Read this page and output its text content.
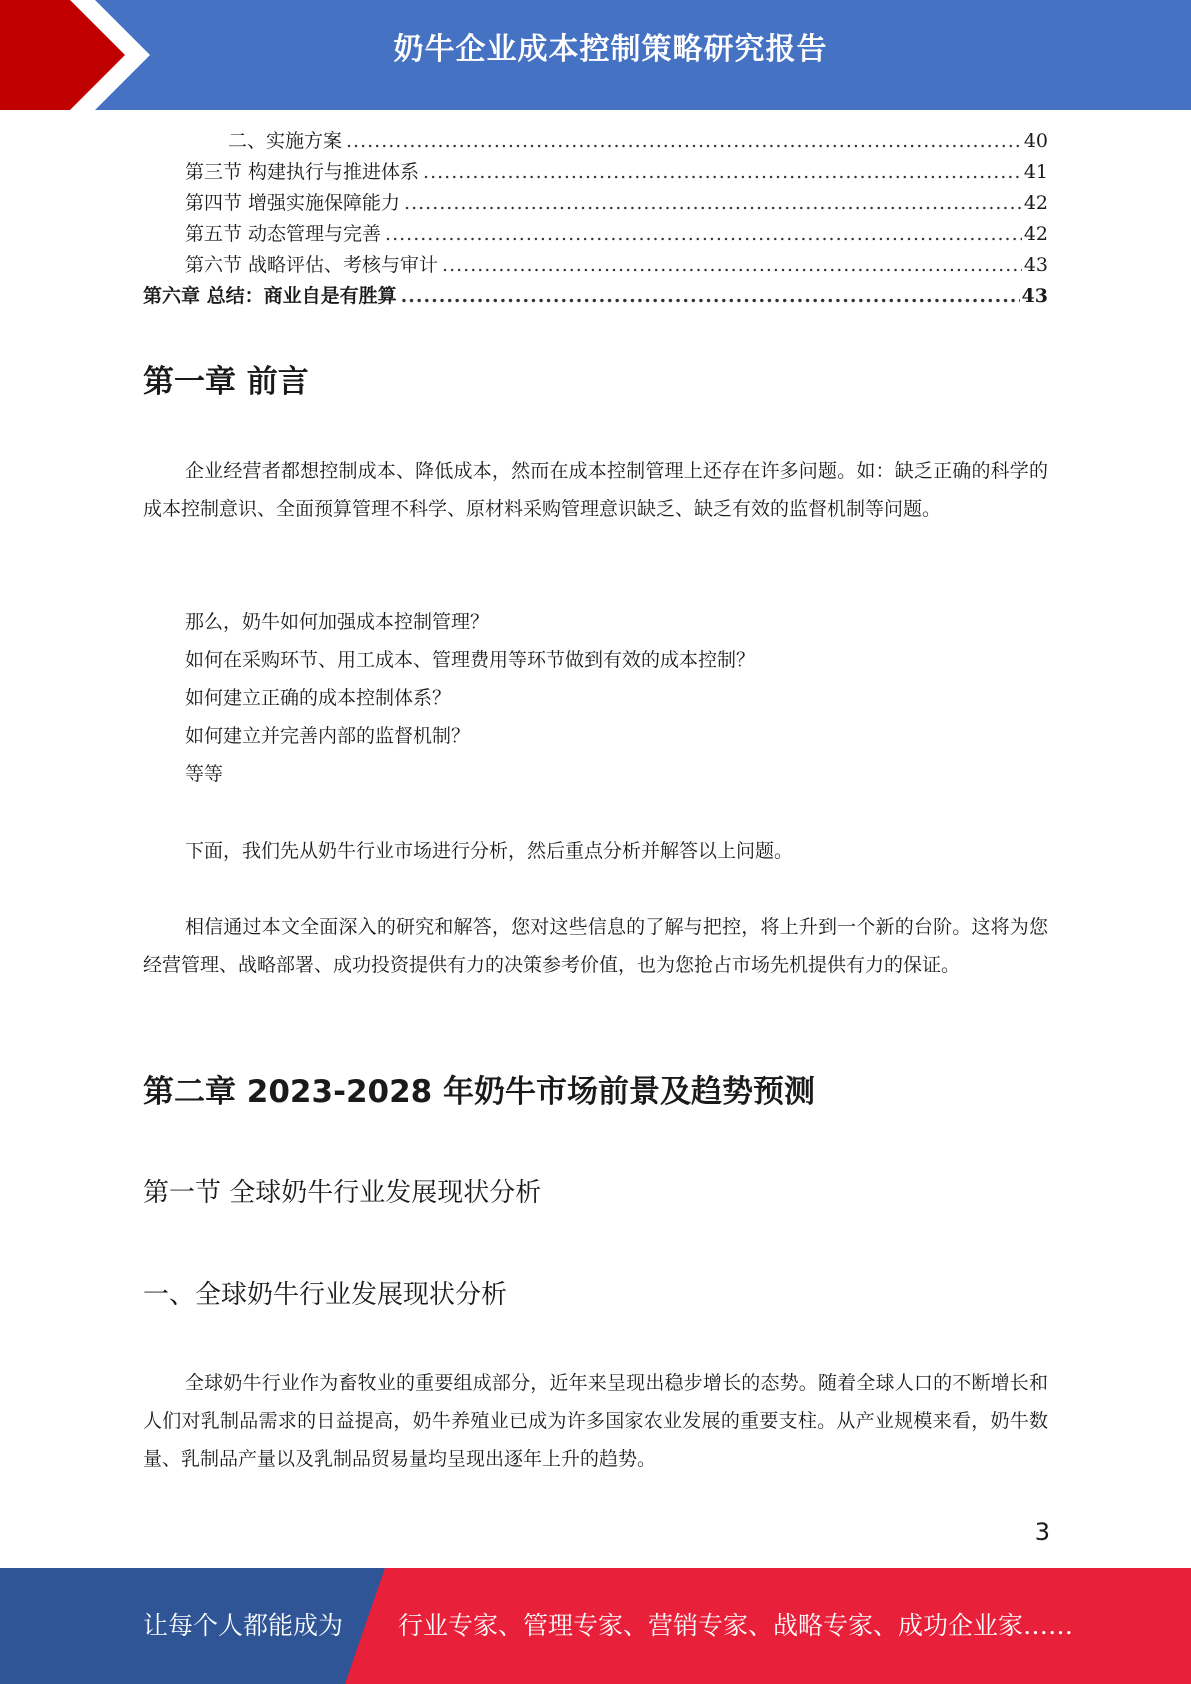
奶牛企业成本控制策略研究报告
二、实施方案 .....	40
第三节 构建执行与推进体系 .....	41
第四节 增强实施保障能力 .....	42
第五节 动态管理与完善 .....	42
第六节 战略评估、考核与审计 .....	43
第六章 总结：商业自是有胜算 .....	43
第一章 前言

企业经营者都想控制成本、降低成本，然而在成本控制管理上还存在许多问题。如：缺乏正确的科学的成本控制意识、全面预算管理不科学、原材料采购管理意识缺乏、缺乏有效的监督机制等问题。

那么，奶牛如何加强成本控制管理？
如何在采购环节、用工成本、管理费用等环节做到有效的成本控制？
如何建立正确的成本控制体系？
如何建立并完善内部的监督机制？
等等

下面，我们先从奶牛行业市场进行分析，然后重点分析并解答以上问题。

相信通过本文全面深入的研究和解答，您对这些信息的了解与把控，将上升到一个新的台阶。这将为您经营管理、战略部署、成功投资提供有力的决策参考价值，也为您抢占市场先机提供有力的保证。

第二章 2023-2028 年奶牛市场前景及趋势预测
第一节 全球奶牛行业发展现状分析
一、全球奶牛行业发展现状分析

全球奶牛行业作为畜牧业的重要组成部分，近年来呈现出稳步增长的态势。随着全球人口的不断增长和人们对乳制品需求的日益提高，奶牛养殖业已成为许多国家农业发展的重要支柱。从产业规模来看，奶牛数量、乳制品产量以及乳制品贸易量均呈现出逐年上升的趋势。

3
让每个人都能成为 行业专家、管理专家、营销专家、战略专家、成功企业家……
